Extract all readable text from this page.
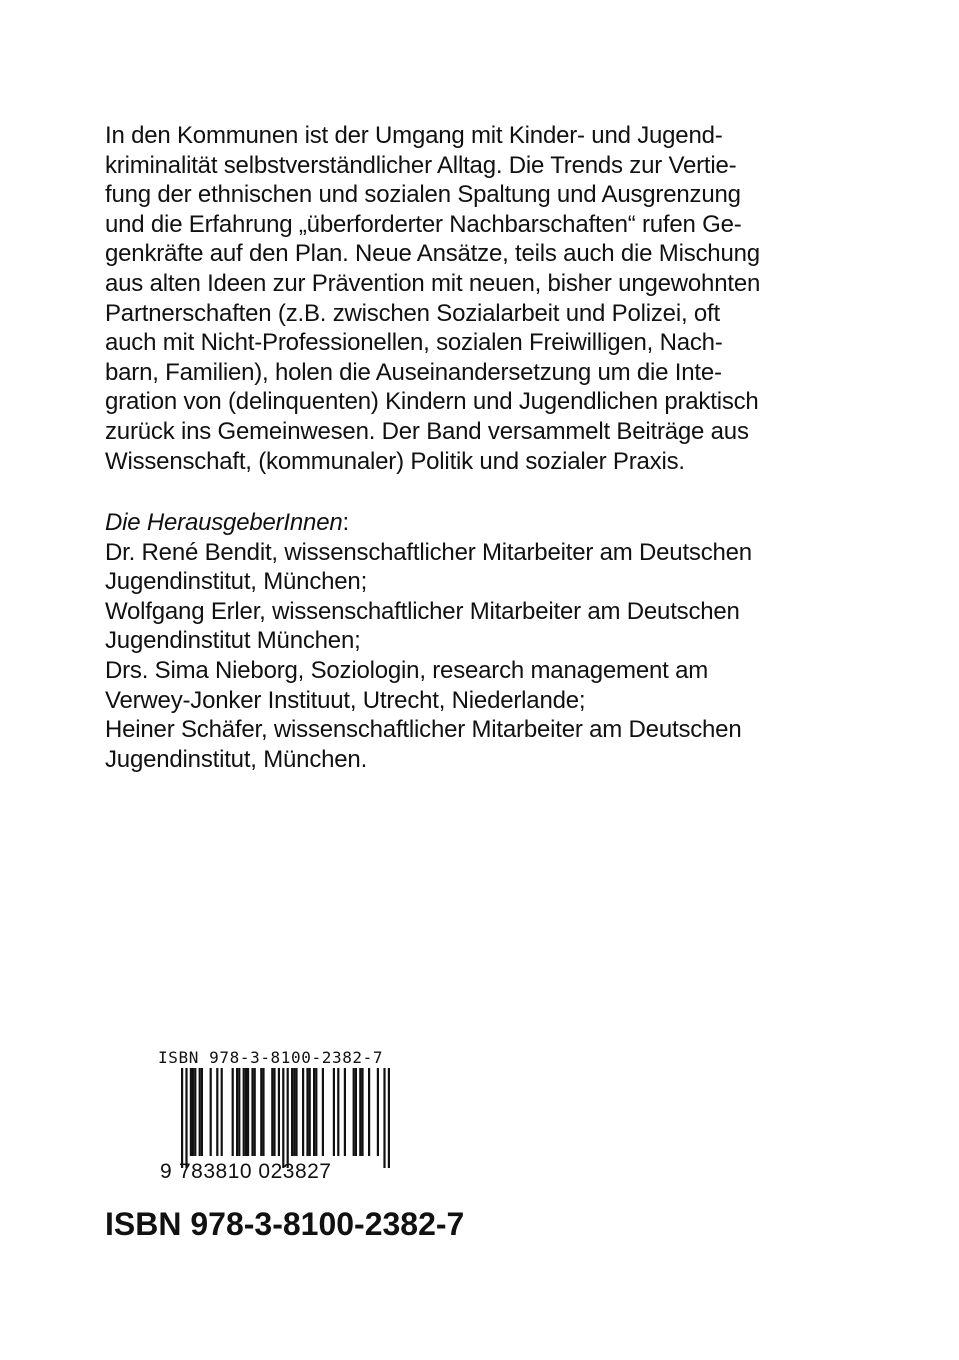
In den Kommunen ist der Umgang mit Kinder- und Jugend-
kriminalität selbstverständlicher Alltag. Die Trends zur Vertie-
fung der ethnischen und sozialen Spaltung und Ausgrenzung
und die Erfahrung „überforderter Nachbarschaften“ rufen Ge-
genkräfte auf den Plan. Neue Ansätze, teils auch die Mischung
aus alten Ideen zur Prävention mit neuen, bisher ungewohnten
Partnerschaften (z.B. zwischen Sozialarbeit und Polizei, oft
auch mit Nicht-Professionellen, sozialen Freiwilligen, Nach-
barn, Familien), holen die Auseinandersetzung um die Inte-
gration von (delinquenten) Kindern und Jugendlichen praktisch
zurück ins Gemeinwesen. Der Band versammelt Beiträge aus
Wissenschaft, (kommunaler) Politik und sozialer Praxis.
Die HerausgeberInnen:
Dr. René Bendit, wissenschaftlicher Mitarbeiter am Deutschen
Jugendinstitut, München;
Wolfgang Erler, wissenschaftlicher Mitarbeiter am Deutschen
Jugendinstitut München;
Drs. Sima Nieborg, Soziologin, research management am
Verwey-Jonker Instituut, Utrecht, Niederlande;
Heiner Schäfer, wissenschaftlicher Mitarbeiter am Deutschen
Jugendinstitut, München.
ISBN 978-3-8100-2382-7
9 783810 023827
ISBN 978-3-8100-2382-7
